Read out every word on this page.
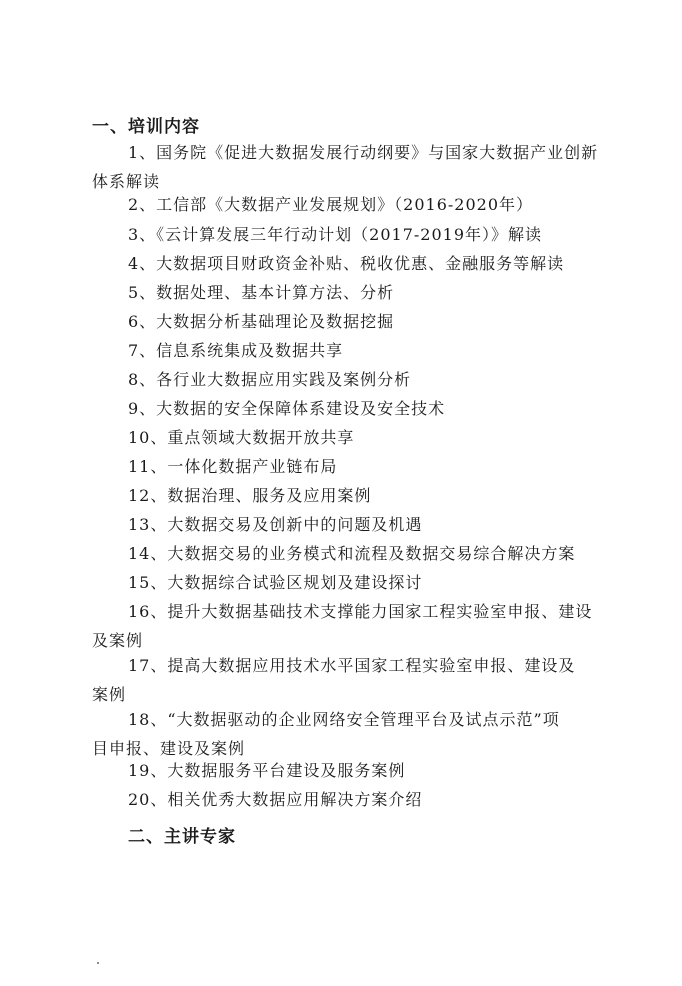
一、培训内容
1、国务院《促进大数据发展行动纲要》与国家大数据产业创新
体系解读
2、工信部《大数据产业发展规划》（2016-2020年）
3、《云计算发展三年行动计划（2017-2019年）》解读
4、大数据项目财政资金补贴、税收优惠、金融服务等解读
5、数据处理、基本计算方法、分析
6、大数据分析基础理论及数据挖掘
7、信息系统集成及数据共享
8、各行业大数据应用实践及案例分析
9、大数据的安全保障体系建设及安全技术
10、重点领域大数据开放共享
11、一体化数据产业链布局
12、数据治理、服务及应用案例
13、大数据交易及创新中的问题及机遇
14、大数据交易的业务模式和流程及数据交易综合解决方案
15、大数据综合试验区规划及建设探讨
16、提升大数据基础技术支撑能力国家工程实验室申报、建设
及案例
17、提高大数据应用技术水平国家工程实验室申报、建设及
案例
18、“大数据驱动的企业网络安全管理平台及试点示范”项
目申报、建设及案例
19、大数据服务平台建设及服务案例
20、相关优秀大数据应用解决方案介绍
二、主讲专家
